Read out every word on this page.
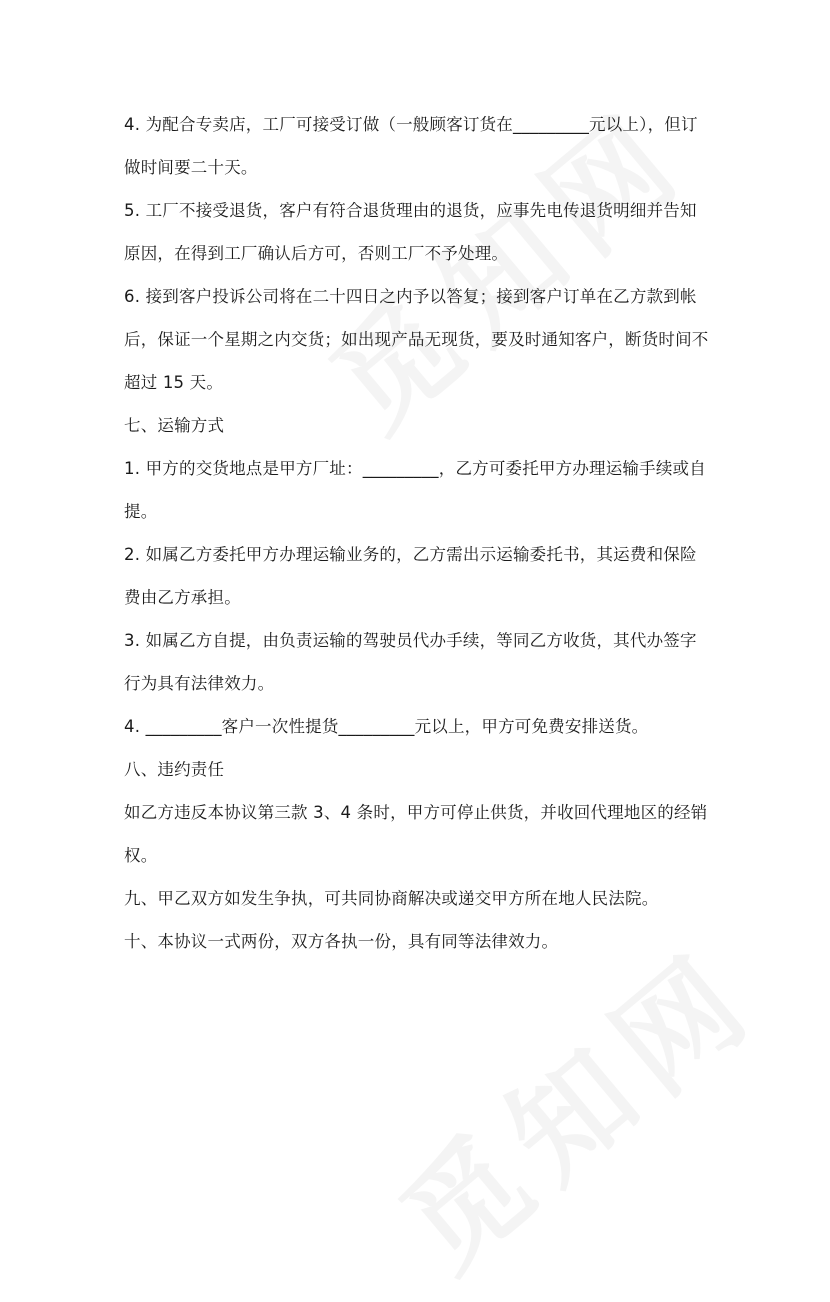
4. 为配合专卖店，工厂可接受订做（一般顾客订货在_________元以上），但订做时间要二十天。

5. 工厂不接受退货，客户有符合退货理由的退货，应事先电传退货明细并告知原因，在得到工厂确认后方可，否则工厂不予处理。

6. 接到客户投诉公司将在二十四日之内予以答复；接到客户订单在乙方款到帐后，保证一个星期之内交货；如出现产品无现货，要及时通知客户，断货时间不超过 15 天。

七、运输方式

1. 甲方的交货地点是甲方厂址：_________，乙方可委托甲方办理运输手续或自提。

2. 如属乙方委托甲方办理运输业务的，乙方需出示运输委托书，其运费和保险费由乙方承担。

3. 如属乙方自提，由负责运输的驾驶员代办手续，等同乙方收货，其代办签字行为具有法律效力。

4. _________客户一次性提货_________元以上，甲方可免费安排送货。

八、违约责任

如乙方违反本协议第三款 3、4 条时，甲方可停止供货，并收回代理地区的经销权。

九、甲乙双方如发生争执，可共同协商解决或递交甲方所在地人民法院。

十、本协议一式两份，双方各执一份，具有同等法律效力。
